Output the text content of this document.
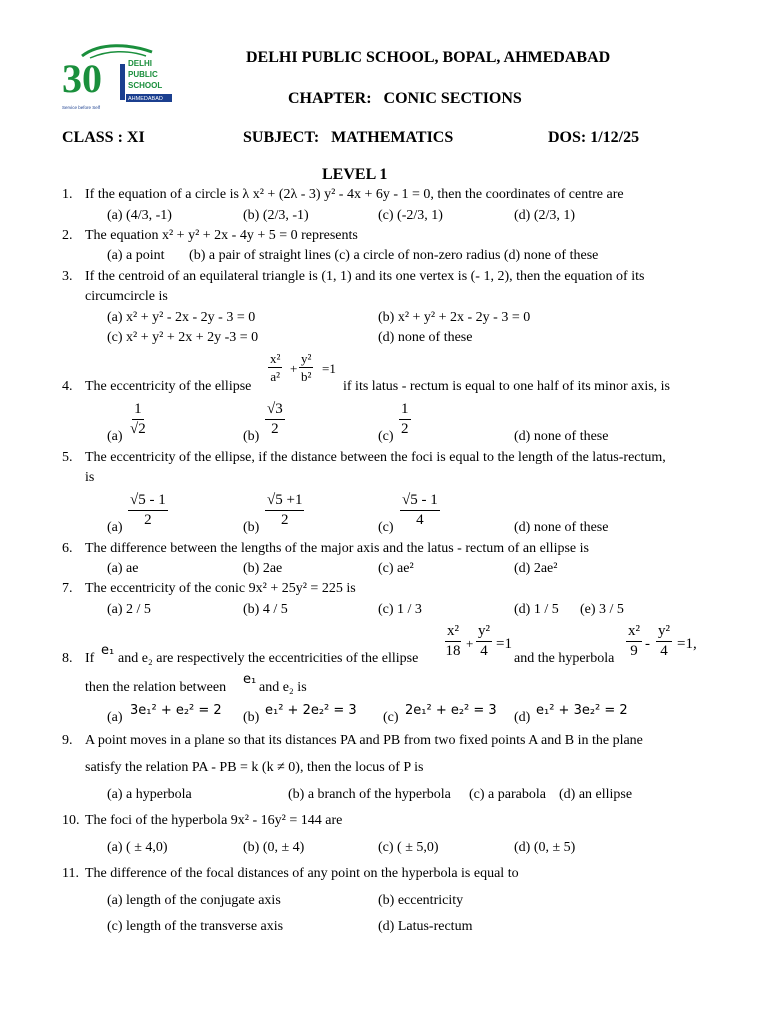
30	DELHI
PUBLIC
SCHOOL
AHMEDABAD
Service before Self
DELHI PUBLIC SCHOOL, BOPAL, AHMEDABAD
CHAPTER:   CONIC SECTIONS
CLASS : XI	SUBJECT:   MATHEMATICS	DOS: 1/12/25
LEVEL 1
1. If the equation of a circle is λ x² + (2λ - 3) y² - 4x + 6y - 1 = 0, then the coordinates of centre are
(a) (4/3, -1)	(b) (2/3, -1)	(c) (-2/3, 1)	(d) (2/3, 1)
2. The equation x² + y² + 2x - 4y + 5 = 0 represents
(a) a point       (b) a pair of straight lines (c) a circle of non-zero radius (d) none of these
3. If the centroid of an equilateral triangle is (1, 1) and its one vertex is (- 1, 2), then the equation of its
circumcircle is
(a) x² + y² - 2x - 2y - 3 = 0	(b) x² + y² + 2x - 2y - 3 = 0
(c) x² + y² + 2x + 2y -3 = 0	(d) none of these
4. The eccentricity of the ellipse
$\frac{\text{x²}}{\text{a²}} + \frac{\text{y²}}{\text{b²}} =1$
if its latus - rectum is equal to one half of its minor axis, is
$(a) \frac{1}{√2}$	$(b) \frac{√3}{2}$	$(c) \frac{1}{2}$	(d) none of these
5. The eccentricity of the ellipse, if the distance between the foci is equal to the length of the latus-rectum,
is
$(a) \frac{√5 - 1}{2}$	$(b) \frac{√5 +1}{2}$	$(c) \frac{√5 - 1}{4}$	(d) none of these
6. The difference between the lengths of the major axis and the latus - rectum of an ellipse is
(a) ae	(b) 2ae	(c) ae²	(d) 2ae²
7. The eccentricity of the conic 9x² + 25y² = 225 is
(a) 2 / 5	(b) 4 / 5	(c) 1 / 3	(d) 1 / 5 (e) 3 / 5
8. If
e₁
and e₂ are respectively the eccentricities of the ellipse $\frac{\text{x²}}{18} + \frac{\text{y²}}{4} =1$
and the hyperbola $\frac{\text{x²}}{9} - \frac{\text{y²}}{4} =1$,
then the relation between
e₁
and e₂ is
(a) 3e₁² + e₂² = 2 (b) e₁² + 2e₂² = 3 (c) 2e₁² + e₂² = 3 (d) e₁² + 3e₂² = 2
9. A point moves in a plane so that its distances PA and PB from two fixed points A and B in the plane
satisfy the relation PA - PB = k (k ≠ 0), then the locus of P is
(a) a hyperbola	(b) a branch of the hyperbola (c) a parabola (d) an ellipse
10. The foci of the hyperbola 9x² - 16y² = 144 are
(a) ( ± 4,0)	(b) (0, ± 4)	(c) ( ± 5,0)	(d) (0, ± 5)
11. The difference of the focal distances of any point on the hyperbola is equal to
(a) length of the conjugate axis	(b) eccentricity
(c) length of the transverse axis	(d) Latus-rectum
